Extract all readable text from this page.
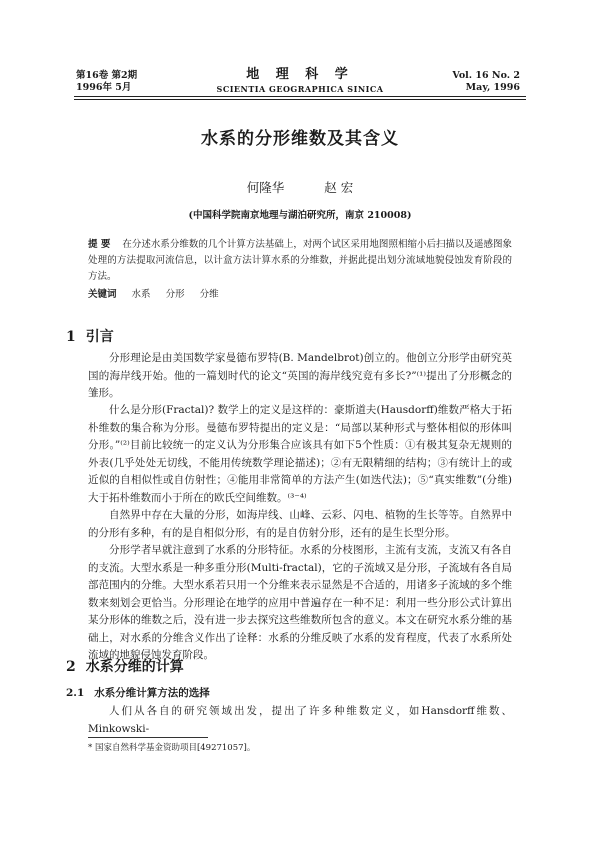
第16卷 第2期
1996年 5月
地 理 科 学
SCIENTIA GEOGRAPHICA SINICA
Vol. 16 No. 2
May, 1996
水系的分形维数及其含义
何隆华	赵 宏
(中国科学院南京地理与湖泊研究所，南京 210008)
提 要 在分述水系分维数的几个计算方法基础上，对两个试区采用地图照相缩小后扫描以及遥感图象处理的方法提取河流信息，以计盒方法计算水系的分维数，并据此提出划分流域地貌侵蚀发育阶段的方法。
关键词 水系 分形 分维
1 引言
分形理论是由美国数学家曼德布罗特(B. Mandelbrot)创立的。他创立分形学由研究英国的海岸线开始。他的一篇划时代的论文“英国的海岸线究竟有多长?”⁽¹⁾提出了分形概念的雏形。
什么是分形(Fractal)? 数学上的定义是这样的：豪斯道夫(Hausdorff)维数严格大于拓朴维数的集合称为分形。曼德布罗特提出的定义是：“局部以某种形式与整体相似的形体叫分形。”⁽²⁾目前比较统一的定义认为分形集合应该具有如下5个性质：①有极其复杂无规则的外表(几乎处处无切线，不能用传统数学理论描述)；②有无限精细的结构；③有统计上的或近似的自相似性或自仿射性；④能用非常简单的方法产生(如迭代法)；⑤“真实维数”(分维)大于拓朴维数而小于所在的欧氏空间维数。⁽³⁻⁴⁾
自然界中存在大量的分形，如海岸线、山峰、云彩、闪电、植物的生长等等。自然界中的分形有多种，有的是自相似分形，有的是自仿射分形，还有的是生长型分形。
分形学者早就注意到了水系的分形特征。水系的分枝图形，主流有支流，支流又有各自的支流。大型水系是一种多重分形(Multi-fractal)，它的子流域又是分形，子流域有各自局部范围内的分维。大型水系若只用一个分维来表示显然是不合适的，用诸多子流域的多个维数来刻划会更恰当。分形理论在地学的应用中普遍存在一种不足：利用一些分形公式计算出某分形体的维数之后，没有进一步去探究这些维数所包含的意义。本文在研究水系分维的基础上，对水系的分维含义作出了诠释：水系的分维反映了水系的发育程度，代表了水系所处流域的地貌侵蚀发育阶段。
2 水系分维的计算
2.1 水系分维计算方法的选择
人们从各自的研究领域出发，提出了许多种维数定义，如Hansdorff维数、Minkowski-
* 国家自然科学基金资助项目[49271057]。
